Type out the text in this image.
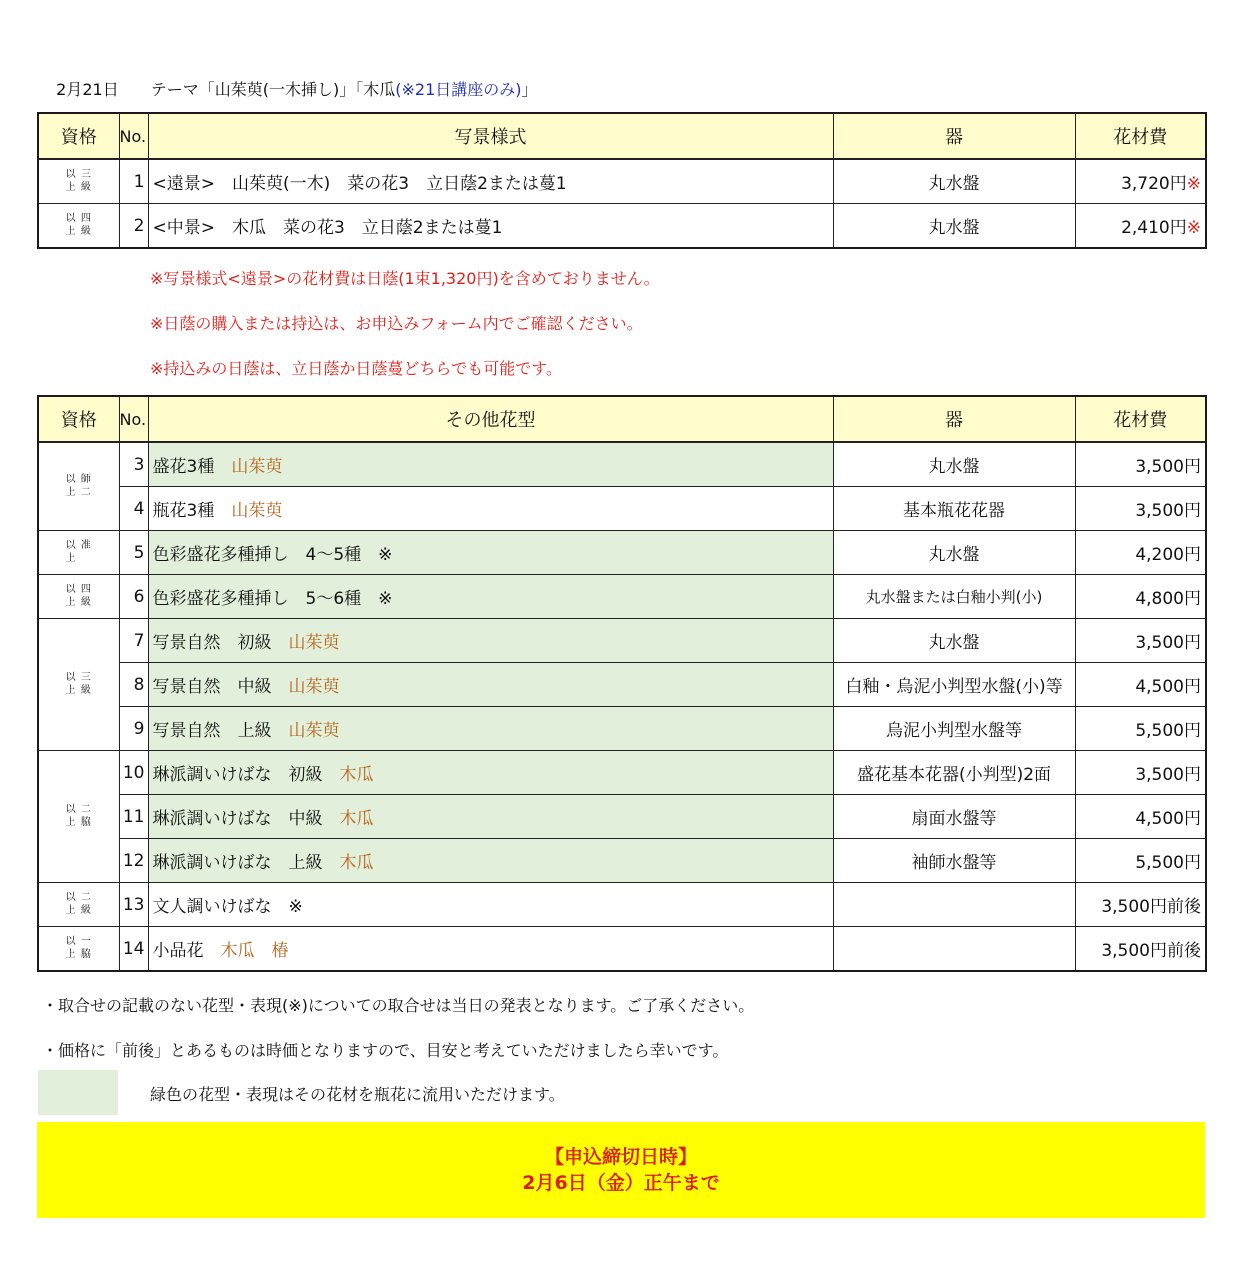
2月21日　　 テーマ「山茱萸(一木挿し)」「木瓜(※21日講座のみ)」

資格	No.	写景様式	器	花材費

以 三
上 級	1	<遠景>　山茱萸(一木)　菜の花3　立日蔭2または蔓1	丸水盤	3,720円※

以 四
上 級	2	<中景>　木瓜　菜の花3　立日蔭2または蔓1	丸水盤	2,410円※
※写景様式<遠景>の花材費は日蔭(1束1,320円)を含めておりません。
※日蔭の購入または持込は、お申込みフォーム内でご確認ください。
※持込みの日蔭は、立日蔭か日蔭蔓どちらでも可能です。
資格	No.	その他花型	器	花材費

以 師
上 二	3	盛花3種　山茱萸	丸水盤	3,500円
	4	瓶花3種　山茱萸	基本瓶花花器	3,500円

以 准
上	5	色彩盛花多種挿し　4〜5種　※	丸水盤	4,200円

以 四
上 級	6	色彩盛花多種挿し　5〜6種　※	丸水盤または白釉小判(小)	4,800円

以 三
上 級	7	写景自然　初級　山茱萸	丸水盤	3,500円
	8	写景自然　中級　山茱萸	白釉・烏泥小判型水盤(小)等	4,500円
	9	写景自然　上級　山茱萸	烏泥小判型水盤等	5,500円

以 二
上 脇	10	琳派調いけばな　初級　木瓜	盛花基本花器(小判型)2面	3,500円
	11	琳派調いけばな　中級　木瓜	扇面水盤等	4,500円
	12	琳派調いけばな　上級　木瓜	袖師水盤等	5,500円

以 二
上 級	13	文人調いけばな　※		3,500円前後

以 一
上 脇	14	小品花　木瓜　椿		3,500円前後
・取合せの記載のない花型・表現(※)についての取合せは当日の発表となります。ご了承ください。
・価格に「前後」とあるものは時価となりますので、目安と考えていただけましたら幸いです。
緑色の花型・表現はその花材を瓶花に流用いただけます。
【申込締切日時】
2月6日（金）正午まで
